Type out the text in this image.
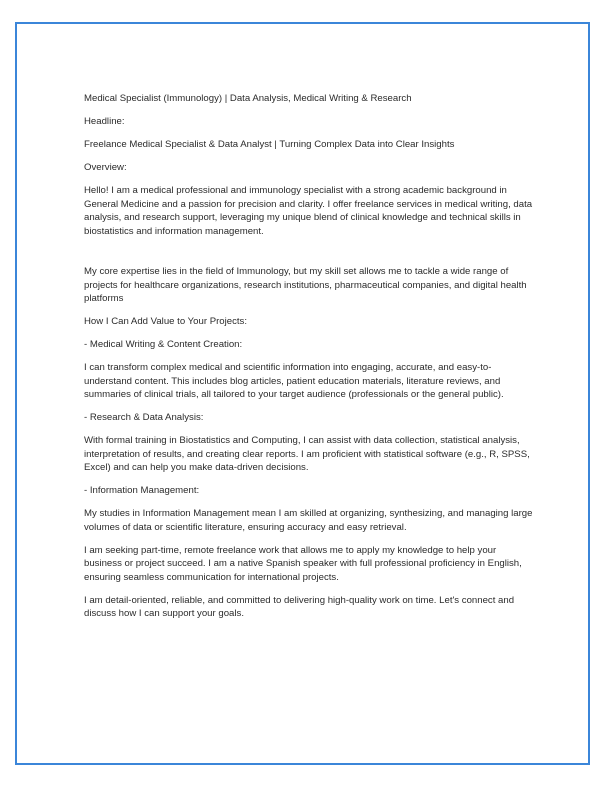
Medical Specialist (Immunology) | Data Analysis, Medical Writing & Research

Headline:

Freelance Medical Specialist & Data Analyst | Turning Complex Data into Clear Insights

Overview:

Hello! I am a medical professional and immunology specialist with a strong academic background in General Medicine and a passion for precision and clarity. I offer freelance services in medical writing, data analysis, and research support, leveraging my unique blend of clinical knowledge and technical skills in biostatistics and information management.

My core expertise lies in the field of Immunology, but my skill set allows me to tackle a wide range of projects for healthcare organizations, research institutions, pharmaceutical companies, and digital health platforms

How I Can Add Value to Your Projects:

- Medical Writing & Content Creation:

I can transform complex medical and scientific information into engaging, accurate, and easy-to-understand content. This includes blog articles, patient education materials, literature reviews, and summaries of clinical trials, all tailored to your target audience (professionals or the general public).

- Research & Data Analysis:

With formal training in Biostatistics and Computing, I can assist with data collection, statistical analysis, interpretation of results, and creating clear reports. I am proficient with statistical software (e.g., R, SPSS, Excel) and can help you make data-driven decisions.

- Information Management:

My studies in Information Management mean I am skilled at organizing, synthesizing, and managing large volumes of data or scientific literature, ensuring accuracy and easy retrieval.

I am seeking part-time, remote freelance work that allows me to apply my knowledge to help your business or project succeed. I am a native Spanish speaker with full professional proficiency in English, ensuring seamless communication for international projects.

I am detail-oriented, reliable, and committed to delivering high-quality work on time. Let's connect and discuss how I can support your goals.
